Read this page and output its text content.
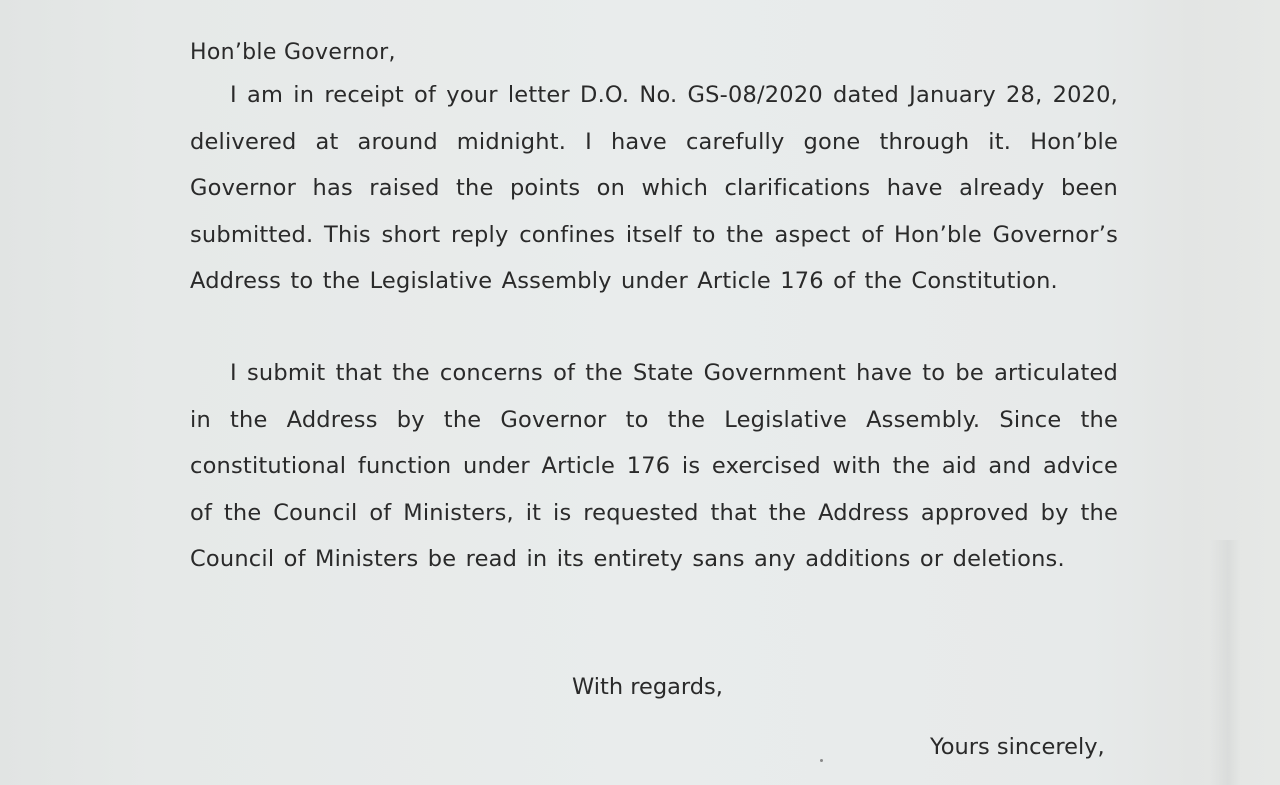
Hon’ble Governor,

I am in receipt of your letter D.O. No. GS-08/2020 dated January 28, 2020, delivered at around midnight. I have carefully gone through it. Hon’ble Governor has raised the points on which clarifications have already been submitted. This short reply confines itself to the aspect of Hon’ble Governor’s Address to the Legislative Assembly under Article 176 of the Constitution.

I submit that the concerns of the State Government have to be articulated in the Address by the Governor to the Legislative Assembly. Since the constitutional function under Article 176 is exercised with the aid and advice of the Council of Ministers, it is requested that the Address approved by the Council of Ministers be read in its entirety sans any additions or deletions.

With regards,

Yours sincerely,
